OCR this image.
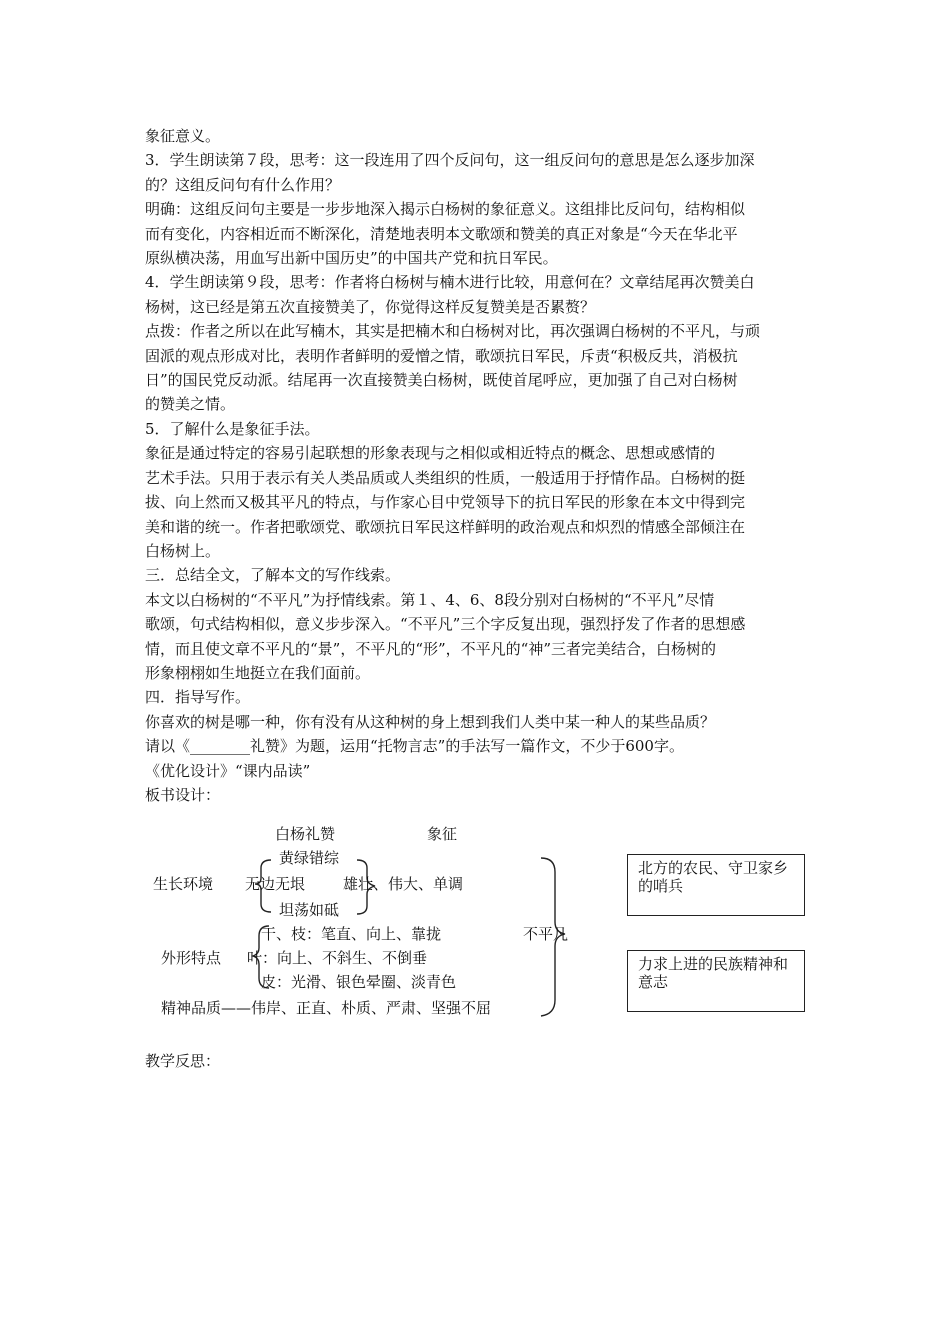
象征意义。

3．学生朗读第７段，思考：这一段连用了四个反问句，这一组反问句的意思是怎么逐步加深

的？这组反问句有什么作用？

明确：这组反问句主要是一步步地深入揭示白杨树的象征意义。这组排比反问句，结构相似

而有变化，内容相近而不断深化，清楚地表明本文歌颂和赞美的真正对象是“今天在华北平

原纵横决荡，用血写出新中国历史”的中国共产党和抗日军民。

4．学生朗读第９段，思考：作者将白杨树与楠木进行比较，用意何在？文章结尾再次赞美白

杨树，这已经是第五次直接赞美了，你觉得这样反复赞美是否累赘？

点拨：作者之所以在此写楠木，其实是把楠木和白杨树对比，再次强调白杨树的不平凡，与顽

固派的观点形成对比，表明作者鲜明的爱憎之情，歌颂抗日军民，斥责“积极反共，消极抗

日”的国民党反动派。结尾再一次直接赞美白杨树，既使首尾呼应，更加强了自己对白杨树

的赞美之情。

5．了解什么是象征手法。

象征是通过特定的容易引起联想的形象表现与之相似或相近特点的概念、思想或感情的

艺术手法。只用于表示有关人类品质或人类组织的性质，一般适用于抒情作品。白杨树的挺

拔、向上然而又极其平凡的特点，与作家心目中党领导下的抗日军民的形象在本文中得到完

美和谐的统一。作者把歌颂党、歌颂抗日军民这样鲜明的政治观点和炽烈的情感全部倾注在

白杨树上。

三．总结全文，了解本文的写作线索。

本文以白杨树的“不平凡”为抒情线索。第１、4、6、8段分别对白杨树的“不平凡”尽情

歌颂，句式结构相似，意义步步深入。“不平凡”三个字反复出现，强烈抒发了作者的思想感

情，而且使文章不平凡的“景”，不平凡的“形”，不平凡的“神”三者完美结合，白杨树的

形象栩栩如生地挺立在我们面前。

四．指导写作。

你喜欢的树是哪一种，你有没有从这种树的身上想到我们人类中某一种人的某些品质？

请以《________礼赞》为题，运用“托物言志”的手法写一篇作文，不少于600字。

《优化设计》“课内品读”

板书设计：

白杨礼赞	象征
黄绿错综
生长环境 无边无垠	雄壮、伟大、单调
坦荡如砥
干、枝：笔直、向上、靠拢	不平凡
外形特点 叶：向上、不斜生、不倒垂
皮：光滑、银色晕圈、淡青色
精神品质——伟岸、正直、朴质、严肃、坚强不屈
北方的农民、守卫家乡的哨兵
力求上进的民族精神和意志
教学反思：
